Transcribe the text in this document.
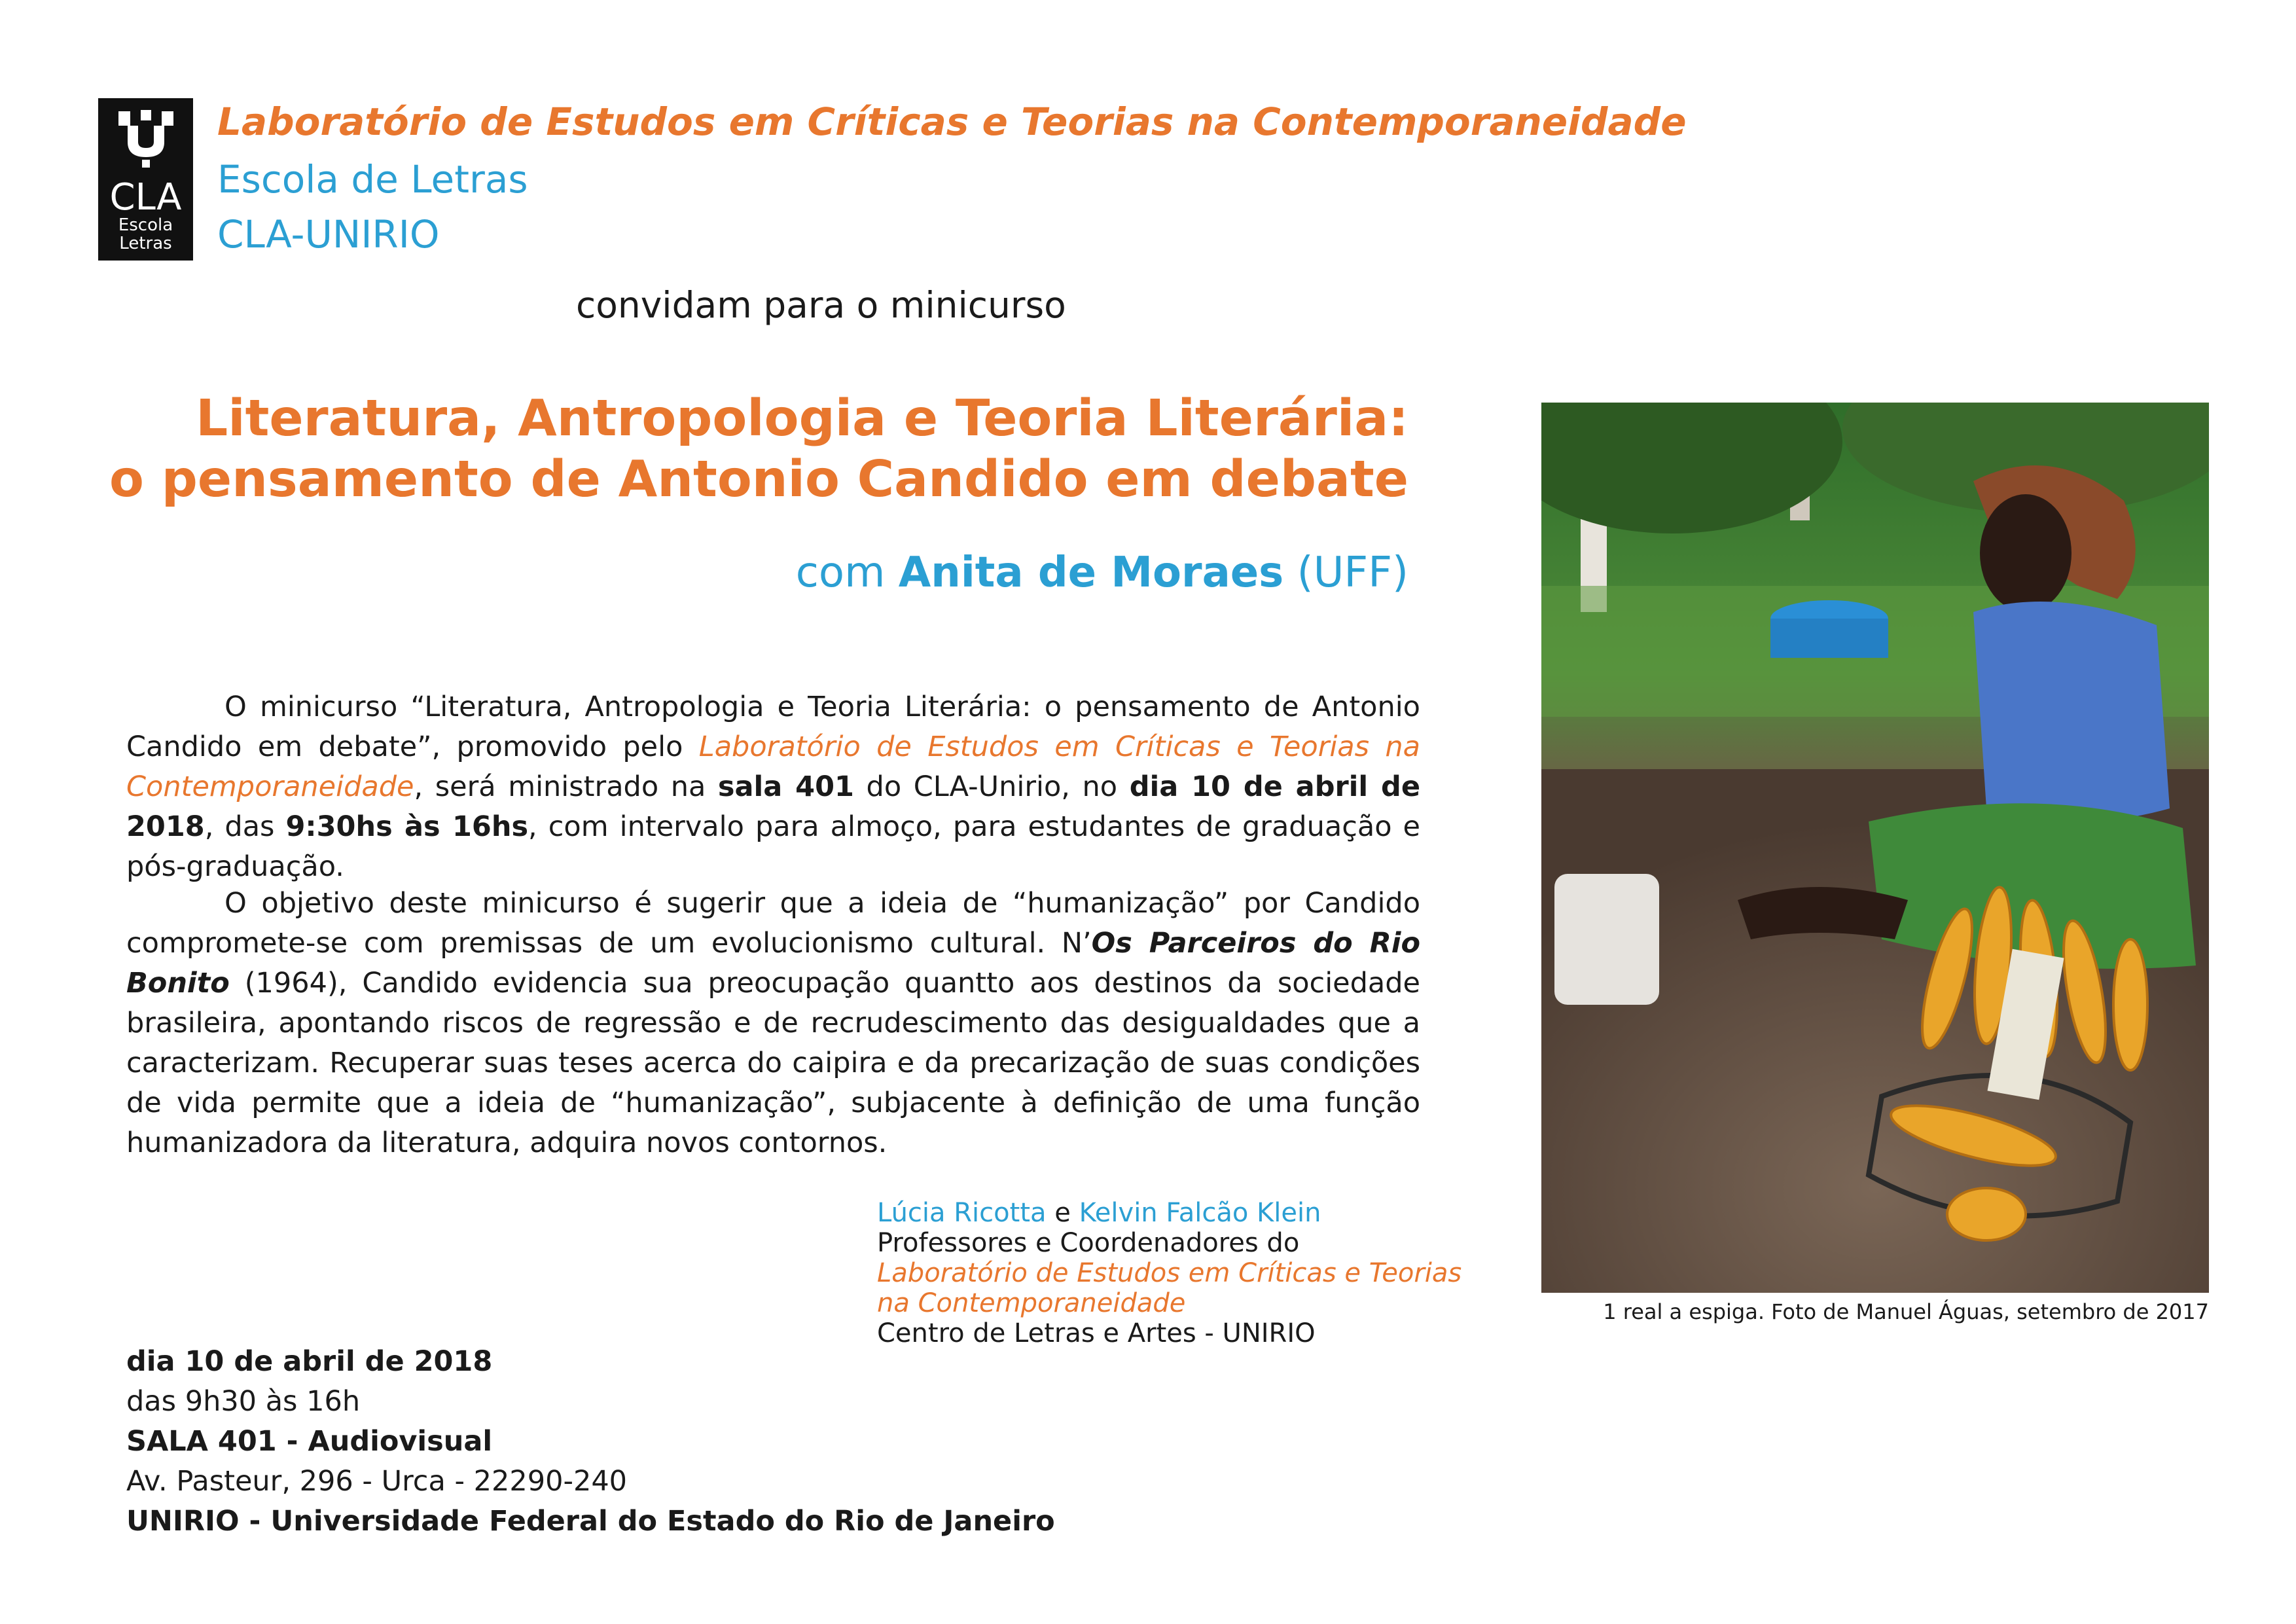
CLA
Escola
Letras
Laboratório de Estudos em Críticas e Teorias na Contemporaneidade
Escola de Letras
CLA-UNIRIO
convidam para o minicurso
Literatura, Antropologia e Teoria Literária:
o pensamento de Antonio Candido em debate
com Anita de Moraes (UFF)
O minicurso “Literatura, Antropologia e Teoria Literária: o pensamento de Antonio Candido em debate”, promovido pelo Laboratório de Estudos em Críticas e Teorias na Contemporaneidade, será ministrado na sala 401 do CLA-Unirio, no dia 10 de abril de 2018, das 9:30hs às 16hs, com intervalo para almoço, para estudantes de graduação e pós-graduação.
O objetivo deste minicurso é sugerir que a ideia de “humanização” por Candido compromete-se com premissas de um evolucionismo cultural. N’Os Parceiros do Rio Bonito (1964), Candido evidencia sua preocupação quantto aos destinos da sociedade brasileira, apontando riscos de regressão e de recrudescimento das desigualdades que a caracterizam. Recuperar suas teses acerca do caipira e da precarização de suas condições de vida permite que a ideia de “humanização”, subjacente à definição de uma função humanizadora da literatura, adquira novos contornos.
Lúcia Ricotta e Kelvin Falcão Klein
Professores e Coordenadores do
Laboratório de Estudos em Críticas e Teorias
na Contemporaneidade
Centro de Letras e Artes - UNIRIO
dia 10 de abril de 2018
das 9h30 às 16h
SALA 401 - Audiovisual
Av. Pasteur, 296 - Urca - 22290-240
UNIRIO - Universidade Federal do Estado do Rio de Janeiro
1 real a espiga. Foto de Manuel Águas, setembro de 2017
